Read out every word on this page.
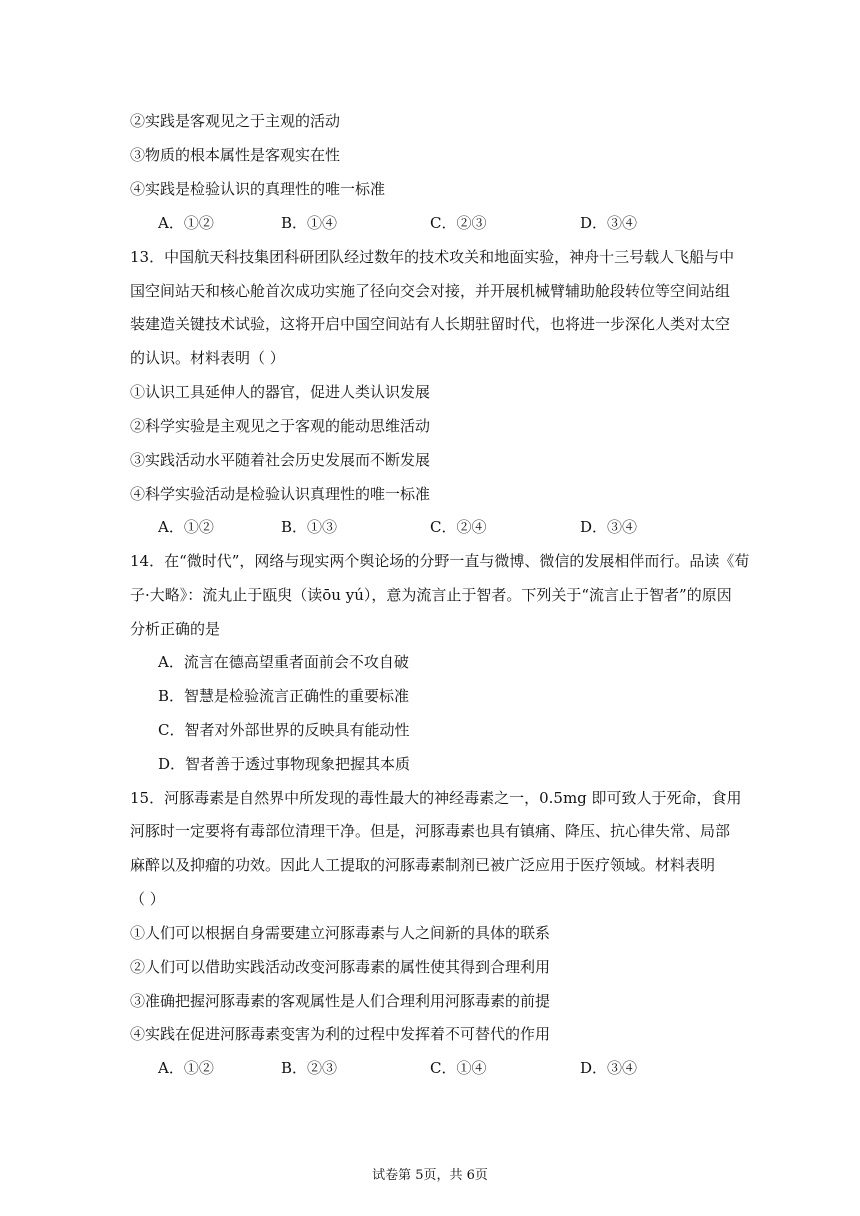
②实践是客观见之于主观的活动
③物质的根本属性是客观实在性
④实践是检验认识的真理性的唯一标准
A．①②	B．①④	C．②③	D．③④
13．中国航天科技集团科研团队经过数年的技术攻关和地面实验，神舟十三号载人飞船与中
国空间站天和核心舱首次成功实施了径向交会对接，并开展机械臂辅助舱段转位等空间站组
装建造关键技术试验，这将开启中国空间站有人长期驻留时代，也将进一步深化人类对太空
的认识。材料表明（ ）
①认识工具延伸人的器官，促进人类认识发展
②科学实验是主观见之于客观的能动思维活动
③实践活动水平随着社会历史发展而不断发展
④科学实验活动是检验认识真理性的唯一标准
A．①②	B．①③	C．②④	D．③④
14．在“微时代”，网络与现实两个舆论场的分野一直与微博、微信的发展相伴而行。品读《荀
子·大略》：流丸止于瓯臾（读ōu yú），意为流言止于智者。下列关于“流言止于智者”的原因
分析正确的是
A．流言在德高望重者面前会不攻自破
B．智慧是检验流言正确性的重要标准
C．智者对外部世界的反映具有能动性
D．智者善于透过事物现象把握其本质
15．河豚毒素是自然界中所发现的毒性最大的神经毒素之一，0.5mg 即可致人于死命，食用
河豚时一定要将有毒部位清理干净。但是，河豚毒素也具有镇痛、降压、抗心律失常、局部
麻醉以及抑瘤的功效。因此人工提取的河豚毒素制剂已被广泛应用于医疗领域。材料表明
（ ）
①人们可以根据自身需要建立河豚毒素与人之间新的具体的联系
②人们可以借助实践活动改变河豚毒素的属性使其得到合理利用
③准确把握河豚毒素的客观属性是人们合理利用河豚毒素的前提
④实践在促进河豚毒素变害为利的过程中发挥着不可替代的作用
A．①②	B．②③	C．①④	D．③④
试卷第 5页，共 6页
